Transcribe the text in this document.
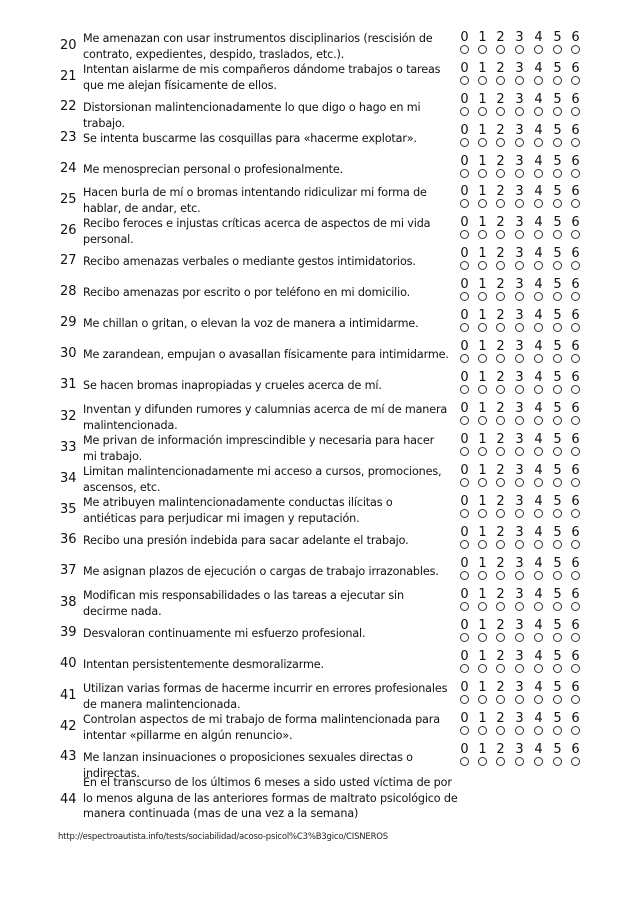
20 Me amenazan con usar instrumentos disciplinarios (rescisión de contrato, expedientes, despido, traslados, etc.).
0 1 2 3 4 5 6
21 Intentan aislarme de mis compañeros dándome trabajos o tareas que me alejan físicamente de ellos.
0 1 2 3 4 5 6
22 Distorsionan malintencionadamente lo que digo o hago en mi trabajo.
0 1 2 3 4 5 6
23 Se intenta buscarme las cosquillas para «hacerme explotar».
0 1 2 3 4 5 6
24 Me menosprecian personal o profesionalmente.
0 1 2 3 4 5 6
25 Hacen burla de mí o bromas intentando ridiculizar mi forma de hablar, de andar, etc.
0 1 2 3 4 5 6
26 Recibo feroces e injustas críticas acerca de aspectos de mi vida personal.
0 1 2 3 4 5 6
27 Recibo amenazas verbales o mediante gestos intimidatorios.
0 1 2 3 4 5 6
28 Recibo amenazas por escrito o por teléfono en mi domicilio.
0 1 2 3 4 5 6
29 Me chillan o gritan, o elevan la voz de manera a intimidarme.
0 1 2 3 4 5 6
30 Me zarandean, empujan o avasallan físicamente para intimidarme.
0 1 2 3 4 5 6
31 Se hacen bromas inapropiadas y crueles acerca de mí.
0 1 2 3 4 5 6
32 Inventan y difunden rumores y calumnias acerca de mí de manera malintencionada.
0 1 2 3 4 5 6
33 Me privan de información imprescindible y necesaria para hacer mi trabajo.
0 1 2 3 4 5 6
34 Limitan malintencionadamente mi acceso a cursos, promociones, ascensos, etc.
0 1 2 3 4 5 6
35 Me atribuyen malintencionadamente conductas ilícitas o antiéticas para perjudicar mi imagen y reputación.
0 1 2 3 4 5 6
36 Recibo una presión indebida para sacar adelante el trabajo.
0 1 2 3 4 5 6
37 Me asignan plazos de ejecución o cargas de trabajo irrazonables.
0 1 2 3 4 5 6
38 Modifican mis responsabilidades o las tareas a ejecutar sin decirme nada.
0 1 2 3 4 5 6
39 Desvaloran continuamente mi esfuerzo profesional.
0 1 2 3 4 5 6
40 Intentan persistentemente desmoralizarme.
0 1 2 3 4 5 6
41 Utilizan varias formas de hacerme incurrir en errores profesionales de manera malintencionada.
0 1 2 3 4 5 6
42 Controlan aspectos de mi trabajo de forma malintencionada para intentar «pillarme en algún renuncio».
0 1 2 3 4 5 6
43 Me lanzan insinuaciones o proposiciones sexuales directas o indirectas.
0 1 2 3 4 5 6
44
En el transcurso de los últimos 6 meses a sido usted víctima de por lo menos alguna de las anteriores formas de maltrato psicológico de manera continuada (mas de una vez a la semana)
http://espectroautista.info/tests/sociabilidad/acoso-psicol%C3%B3gico/CISNEROS
